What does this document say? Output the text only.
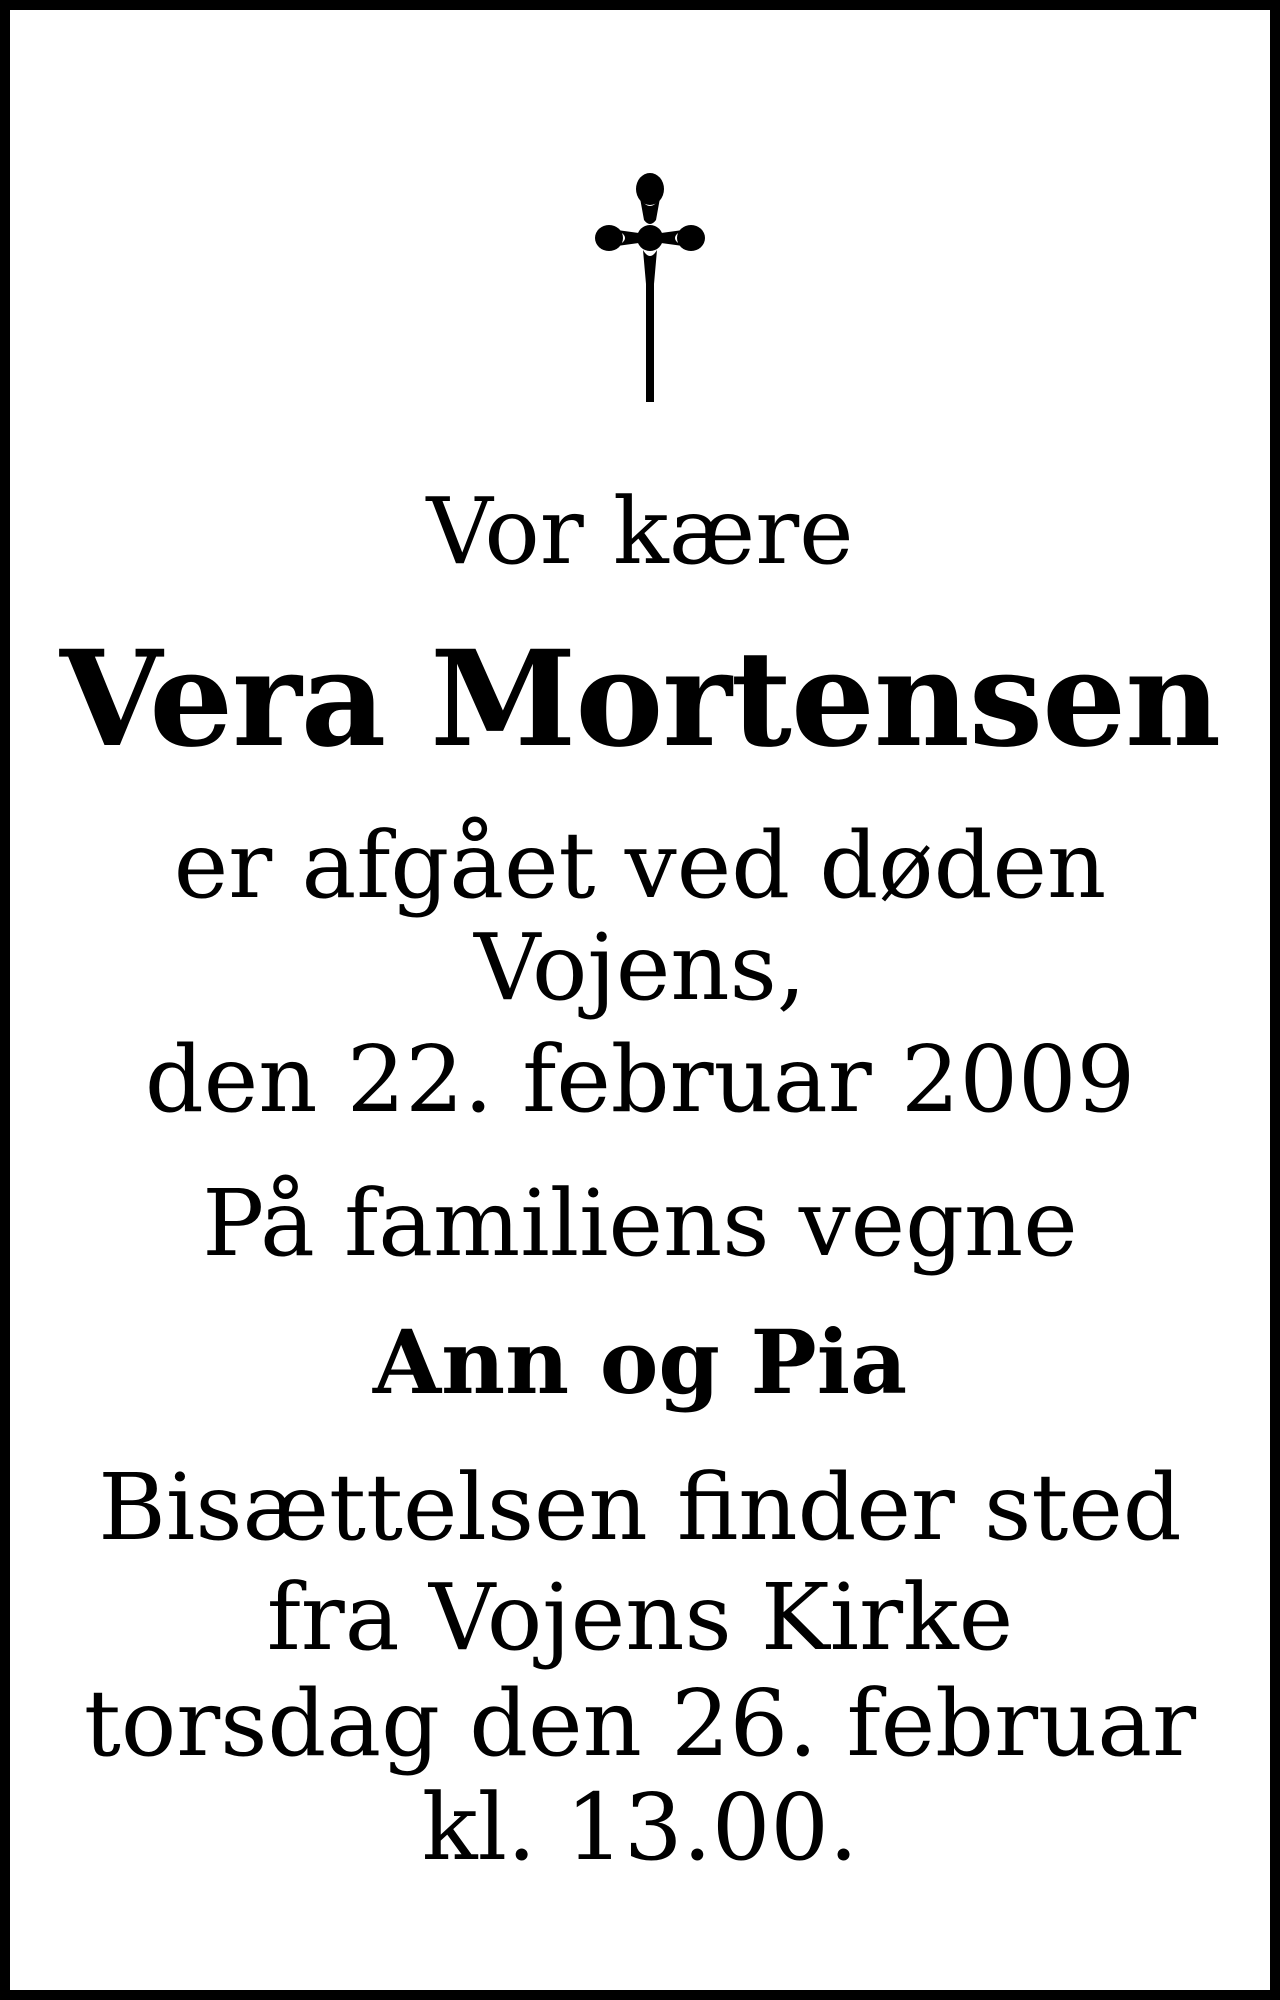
Vor kære
Vera Mortensen
er afgået ved døden
Vojens,
den 22. februar 2009
På familiens vegne
Ann og Pia
Bisættelsen finder sted
fra Vojens Kirke
torsdag den 26. februar
kl. 13.00.
